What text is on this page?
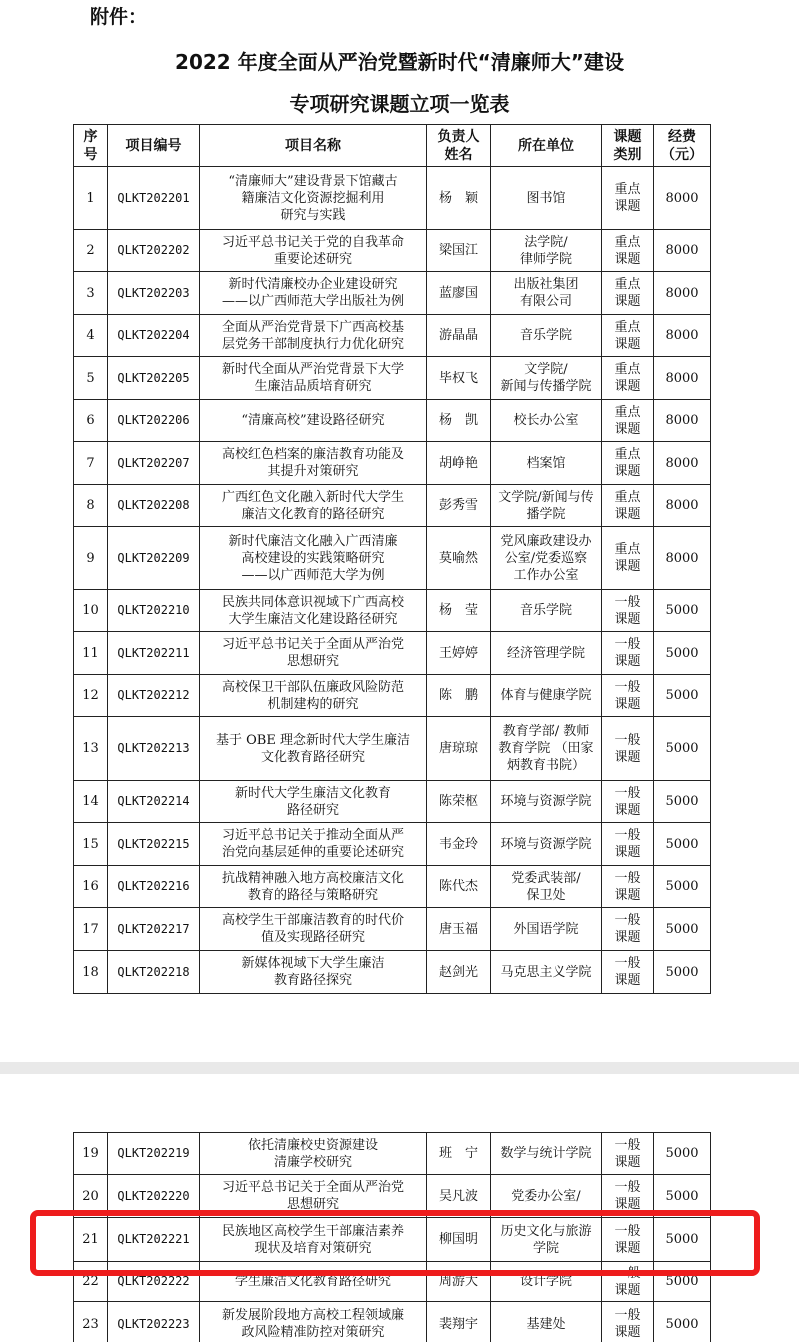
附件：
2022 年度全面从严治党暨新时代“清廉师大”建设
专项研究课题立项一览表
序
号	项目编号	项目名称	负责人
姓名	所在单位	课题
类别	经费
（元）
1	QLKT202201	“清廉师大”建设背景下馆藏古
籍廉洁文化资源挖掘利用
研究与实践	杨　颖	图书馆	重点
课题	8000
2	QLKT202202	习近平总书记关于党的自我革命
重要论述研究	梁国江	法学院/
律师学院	重点
课题	8000
3	QLKT202203	新时代清廉校办企业建设研究
——以广西师范大学出版社为例	蓝廖国	出版社集团
有限公司	重点
课题	8000
4	QLKT202204	全面从严治党背景下广西高校基
层党务干部制度执行力优化研究	游晶晶	音乐学院	重点
课题	8000
5	QLKT202205	新时代全面从严治党背景下大学
生廉洁品质培育研究	毕权飞	文学院/
新闻与传播学院	重点
课题	8000
6	QLKT202206	“清廉高校”建设路径研究	杨　凯	校长办公室	重点
课题	8000
7	QLKT202207	高校红色档案的廉洁教育功能及
其提升对策研究	胡峥艳	档案馆	重点
课题	8000
8	QLKT202208	广西红色文化融入新时代大学生
廉洁文化教育的路径研究	彭秀雪	文学院/新闻与传
播学院	重点
课题	8000
9	QLKT202209	新时代廉洁文化融入广西清廉
高校建设的实践策略研究
——以广西师范大学为例	莫喻然	党风廉政建设办
公室/党委巡察
工作办公室	重点
课题	8000
10	QLKT202210	民族共同体意识视域下广西高校
大学生廉洁文化建设路径研究	杨　莹	音乐学院	一般
课题	5000
11	QLKT202211	习近平总书记关于全面从严治党
思想研究	王婷婷	经济管理学院	一般
课题	5000
12	QLKT202212	高校保卫干部队伍廉政风险防范
机制建构的研究	陈　鹏	体育与健康学院	一般
课题	5000
13	QLKT202213	基于 OBE 理念新时代大学生廉洁
文化教育路径研究	唐琼琼	教育学部/ 教师
教育学院 （田家
炳教育书院）	一般
课题	5000
14	QLKT202214	新时代大学生廉洁文化教育
路径研究	陈荣枢	环境与资源学院	一般
课题	5000
15	QLKT202215	习近平总书记关于推动全面从严
治党向基层延伸的重要论述研究	韦金玲	环境与资源学院	一般
课题	5000
16	QLKT202216	抗战精神融入地方高校廉洁文化
教育的路径与策略研究	陈代杰	党委武装部/
保卫处	一般
课题	5000
17	QLKT202217	高校学生干部廉洁教育的时代价
值及实现路径研究	唐玉福	外国语学院	一般
课题	5000
18	QLKT202218	新媒体视域下大学生廉洁
教育路径探究	赵剑光	马克思主义学院	一般
课题	5000
19	QLKT202219	依托清廉校史资源建设
清廉学校研究	班　宁	数学与统计学院	一般
课题	5000
20	QLKT202220	习近平总书记关于全面从严治党
思想研究	吴凡波	党委办公室/	一般
课题	5000
21	QLKT202221	民族地区高校学生干部廉洁素养
现状及培育对策研究	柳国明	历史文化与旅游
学院	一般
课题	5000
22	QLKT202222	学生廉洁文化教育路径研究	周游大	设计学院	一般
课题	5000
23	QLKT202223	新发展阶段地方高校工程领域廉
政风险精准防控对策研究	裴翔宇	基建处	一般
课题	5000
